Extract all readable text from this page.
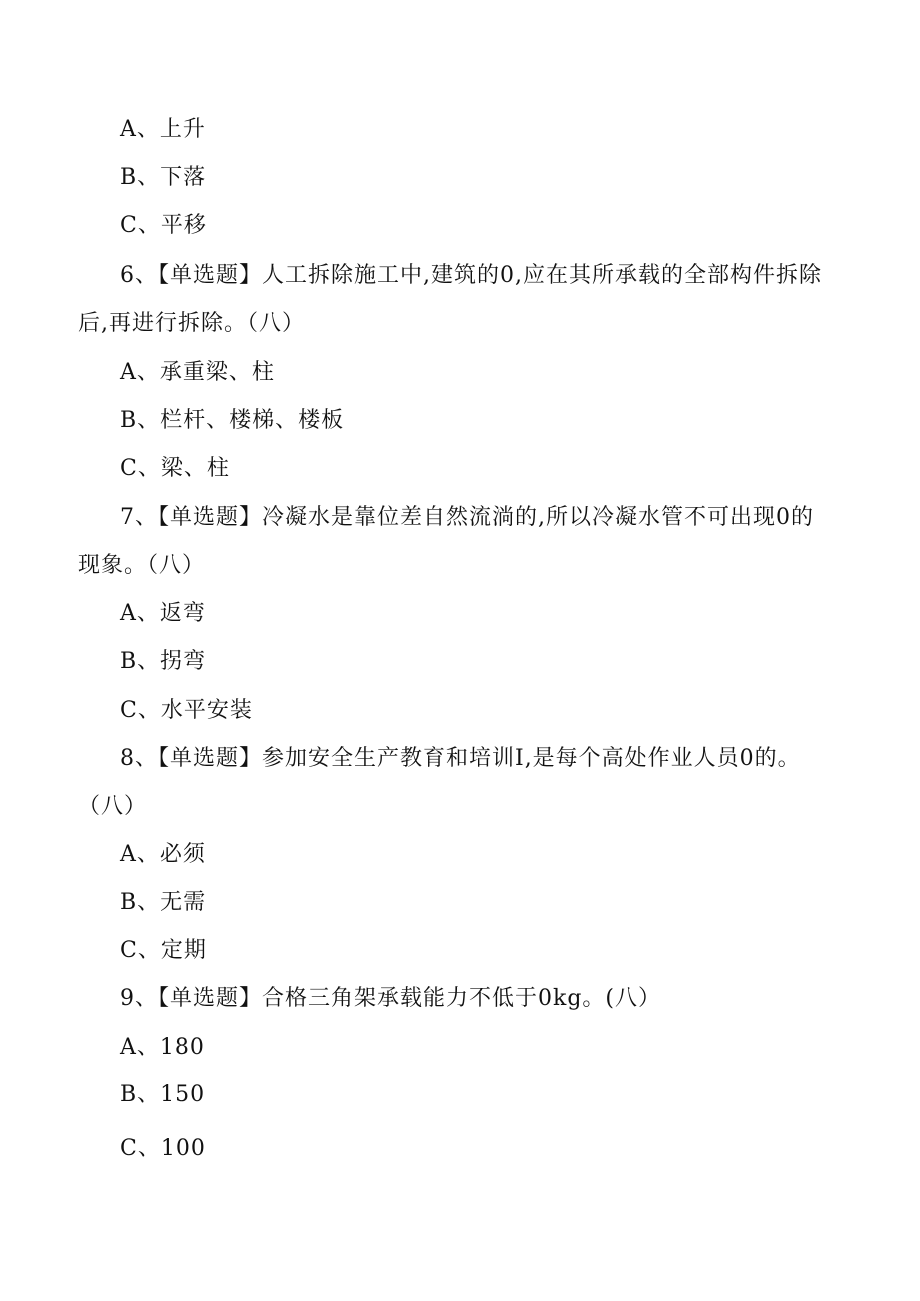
A、上升
B、下落
C、平移
6、【单选题】人工拆除施工中,建筑的0,应在其所承载的全部构件拆除
后,再进行拆除。（八）
A、承重梁、柱
B、栏杆、楼梯、楼板
C、梁、柱
7、【单选题】冷凝水是靠位差自然流淌的,所以冷凝水管不可出现0的
现象。（八）
A、返弯
B、拐弯
C、水平安装
8、【单选题】参加安全生产教育和培训I,是每个高处作业人员0的。
（八）
A、必须
B、无需
C、定期
9、【单选题】合格三角架承载能力不低于0kg。(八）
A、180
B、150
C、100
